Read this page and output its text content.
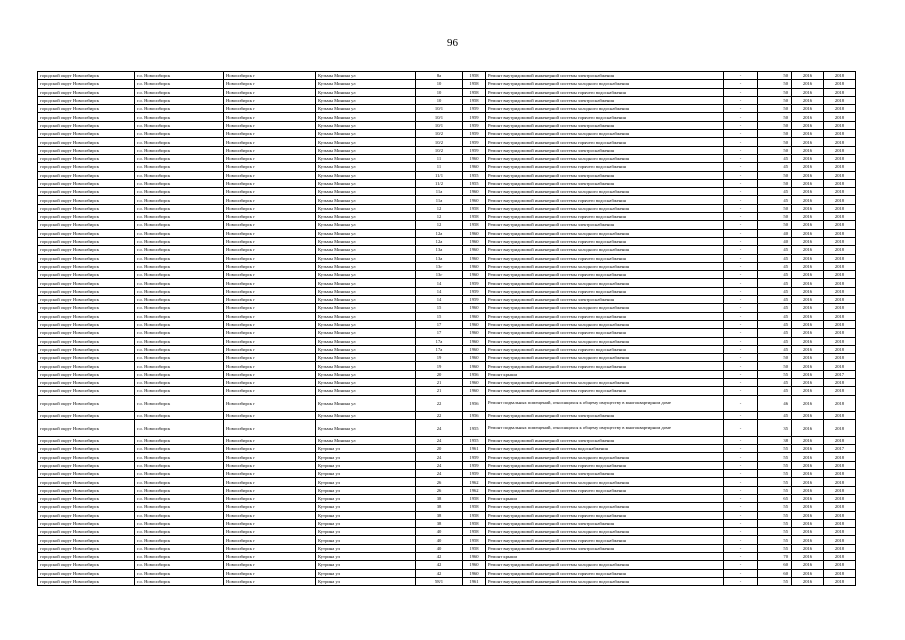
96
городской округ Новосибирск	г.о. Новосибирск	Новосибирск г	Кузьмы Минина ул	8а	1958	Ремонт внутридомовой инженерной системы электроснабжения	-	50	2016	2018
городской округ Новосибирск	г.о. Новосибирск	Новосибирск г	Кузьмы Минина ул	10	1958	Ремонт внутридомовой инженерной системы холодного водоснабжения	-	50	2016	2018
городской округ Новосибирск	г.о. Новосибирск	Новосибирск г	Кузьмы Минина ул	10	1958	Ремонт внутридомовой инженерной системы горячего водоснабжения	-	50	2016	2018
городской округ Новосибирск	г.о. Новосибирск	Новосибирск г	Кузьмы Минина ул	10	1958	Ремонт внутридомовой инженерной системы электроснабжения	-	50	2016	2018
городской округ Новосибирск	г.о. Новосибирск	Новосибирск г	Кузьмы Минина ул	10/1	1959	Ремонт внутридомовой инженерной системы холодного водоснабжения	-	50	2016	2018
городской округ Новосибирск	г.о. Новосибирск	Новосибирск г	Кузьмы Минина ул	10/1	1959	Ремонт внутридомовой инженерной системы горячего водоснабжения	-	50	2016	2018
городской округ Новосибирск	г.о. Новосибирск	Новосибирск г	Кузьмы Минина ул	10/1	1959	Ремонт внутридомовой инженерной системы электроснабжения	-	50	2016	2018
городской округ Новосибирск	г.о. Новосибирск	Новосибирск г	Кузьмы Минина ул	10/2	1959	Ремонт внутридомовой инженерной системы холодного водоснабжения	-	50	2016	2018
городской округ Новосибирск	г.о. Новосибирск	Новосибирск г	Кузьмы Минина ул	10/2	1959	Ремонт внутридомовой инженерной системы горячего водоснабжения	-	50	2016	2018
городской округ Новосибирск	г.о. Новосибирск	Новосибирск г	Кузьмы Минина ул	10/2	1959	Ремонт внутридомовой инженерной системы электроснабжения	-	50	2016	2018
городской округ Новосибирск	г.о. Новосибирск	Новосибирск г	Кузьмы Минина ул	11	1960	Ремонт внутридомовой инженерной системы холодного водоснабжения	-	45	2016	2018
городской округ Новосибирск	г.о. Новосибирск	Новосибирск г	Кузьмы Минина ул	11	1960	Ремонт внутридомовой инженерной системы горячего водоснабжения	-	45	2016	2018
городской округ Новосибирск	г.о. Новосибирск	Новосибирск г	Кузьмы Минина ул	11/1	1955	Ремонт внутридомовой инженерной системы электроснабжения	-	50	2016	2018
городской округ Новосибирск	г.о. Новосибирск	Новосибирск г	Кузьмы Минина ул	11/2	1955	Ремонт внутридомовой инженерной системы электроснабжения	-	50	2016	2018
городской округ Новосибирск	г.о. Новосибирск	Новосибирск г	Кузьмы Минина ул	11а	1960	Ремонт внутридомовой инженерной системы холодного водоснабжения	-	45	2016	2018
городской округ Новосибирск	г.о. Новосибирск	Новосибирск г	Кузьмы Минина ул	11а	1960	Ремонт внутридомовой инженерной системы горячего водоснабжения	-	45	2016	2018
городской округ Новосибирск	г.о. Новосибирск	Новосибирск г	Кузьмы Минина ул	12	1958	Ремонт внутридомовой инженерной системы холодного водоснабжения	-	50	2016	2018
городской округ Новосибирск	г.о. Новосибирск	Новосибирск г	Кузьмы Минина ул	12	1958	Ремонт внутридомовой инженерной системы горячего водоснабжения	-	50	2016	2018
городской округ Новосибирск	г.о. Новосибирск	Новосибирск г	Кузьмы Минина ул	12	1958	Ремонт внутридомовой инженерной системы электроснабжения	-	50	2016	2018
городской округ Новосибирск	г.о. Новосибирск	Новосибирск г	Кузьмы Минина ул	12а	1960	Ремонт внутридомовой инженерной системы холодного водоснабжения	-	40	2016	2018
городской округ Новосибирск	г.о. Новосибирск	Новосибирск г	Кузьмы Минина ул	12а	1960	Ремонт внутридомовой инженерной системы горячего водоснабжения	-	40	2016	2018
городской округ Новосибирск	г.о. Новосибирск	Новосибирск г	Кузьмы Минина ул	13а	1960	Ремонт внутридомовой инженерной системы холодного водоснабжения	-	45	2016	2018
городской округ Новосибирск	г.о. Новосибирск	Новосибирск г	Кузьмы Минина ул	13а	1960	Ремонт внутридомовой инженерной системы горячего водоснабжения	-	45	2016	2018
городской округ Новосибирск	г.о. Новосибирск	Новосибирск г	Кузьмы Минина ул	13г	1960	Ремонт внутридомовой инженерной системы холодного водоснабжения	-	45	2016	2018
городской округ Новосибирск	г.о. Новосибирск	Новосибирск г	Кузьмы Минина ул	13г	1960	Ремонт внутридомовой инженерной системы горячего водоснабжения	-	45	2016	2018
городской округ Новосибирск	г.о. Новосибирск	Новосибирск г	Кузьмы Минина ул	14	1959	Ремонт внутридомовой инженерной системы холодного водоснабжения	-	45	2016	2018
городской округ Новосибирск	г.о. Новосибирск	Новосибирск г	Кузьмы Минина ул	14	1959	Ремонт внутридомовой инженерной системы горячего водоснабжения	-	45	2016	2018
городской округ Новосибирск	г.о. Новосибирск	Новосибирск г	Кузьмы Минина ул	14	1959	Ремонт внутридомовой инженерной системы электроснабжения	-	45	2016	2018
городской округ Новосибирск	г.о. Новосибирск	Новосибирск г	Кузьмы Минина ул	15	1960	Ремонт внутридомовой инженерной системы холодного водоснабжения	-	45	2016	2018
городской округ Новосибирск	г.о. Новосибирск	Новосибирск г	Кузьмы Минина ул	15	1960	Ремонт внутридомовой инженерной системы горячего водоснабжения	-	45	2016	2018
городской округ Новосибирск	г.о. Новосибирск	Новосибирск г	Кузьмы Минина ул	17	1960	Ремонт внутридомовой инженерной системы холодного водоснабжения	-	45	2016	2018
городской округ Новосибирск	г.о. Новосибирск	Новосибирск г	Кузьмы Минина ул	17	1960	Ремонт внутридомовой инженерной системы горячего водоснабжения	-	45	2016	2018
городской округ Новосибирск	г.о. Новосибирск	Новосибирск г	Кузьмы Минина ул	17а	1960	Ремонт внутридомовой инженерной системы холодного водоснабжения	-	45	2016	2018
городской округ Новосибирск	г.о. Новосибирск	Новосибирск г	Кузьмы Минина ул	17а	1960	Ремонт внутридомовой инженерной системы горячего водоснабжения	-	45	2016	2018
городской округ Новосибирск	г.о. Новосибирск	Новосибирск г	Кузьмы Минина ул	19	1960	Ремонт внутридомовой инженерной системы холодного водоснабжения	-	50	2016	2018
городской округ Новосибирск	г.о. Новосибирск	Новосибирск г	Кузьмы Минина ул	19	1960	Ремонт внутридомовой инженерной системы горячего водоснабжения	-	50	2016	2018
городской округ Новосибирск	г.о. Новосибирск	Новосибирск г	Кузьмы Минина ул	20	1956	Ремонт крыши	-	55	2016	2017
городской округ Новосибирск	г.о. Новосибирск	Новосибирск г	Кузьмы Минина ул	21	1960	Ремонт внутридомовой инженерной системы холодного водоснабжения	-	45	2016	2018
городской округ Новосибирск	г.о. Новосибирск	Новосибирск г	Кузьмы Минина ул	21	1960	Ремонт внутридомовой инженерной системы горячего водоснабжения	-	45	2016	2018
городской округ Новосибирск	г.о. Новосибирск	Новосибирск г	Кузьмы Минина ул	22	1956	Ремонт подвальных помещений, относящихся к общему имуществу в многоквартирном доме	-	46	2016	2018
городской округ Новосибирск	г.о. Новосибирск	Новосибирск г	Кузьмы Минина ул	22	1956	Ремонт внутридомовой инженерной системы электроснабжения	-	45	2016	2018
городской округ Новосибирск	г.о. Новосибирск	Новосибирск г	Кузьмы Минина ул	24	1955	Ремонт подвальных помещений, относящихся к общему имуществу в многоквартирном доме	-	35	2016	2018
городской округ Новосибирск	г.о. Новосибирск	Новосибирск г	Кузьмы Минина ул	24	1955	Ремонт внутридомовой инженерной системы электроснабжения	-	38	2016	2018
городской округ Новосибирск	г.о. Новосибирск	Новосибирск г	Кутрина ул	20	1961	Ремонт внутридомовой инженерной системы водоснабжения	-	55	2016	2017
городской округ Новосибирск	г.о. Новосибирск	Новосибирск г	Кутрина ул	24	1959	Ремонт внутридомовой инженерной системы холодного водоснабжения	-	55	2016	2018
городской округ Новосибирск	г.о. Новосибирск	Новосибирск г	Кутрина ул	24	1959	Ремонт внутридомовой инженерной системы горячего водоснабжения	-	55	2016	2018
городской округ Новосибирск	г.о. Новосибирск	Новосибирск г	Кутрина ул	24	1959	Ремонт внутридомовой инженерной системы электроснабжения	-	55	2016	2018
городской округ Новосибирск	г.о. Новосибирск	Новосибирск г	Кутрина ул	26	1962	Ремонт внутридомовой инженерной системы холодного водоснабжения	-	55	2016	2018
городской округ Новосибирск	г.о. Новосибирск	Новосибирск г	Кутрина ул	26	1962	Ремонт внутридомовой инженерной системы горячего водоснабжения	-	55	2016	2018
городской округ Новосибирск	г.о. Новосибирск	Новосибирск г	Кутрина ул	38	1958	Ремонт крыши	-	65	2016	2018
городской округ Новосибирск	г.о. Новосибирск	Новосибирск г	Кутрина ул	38	1958	Ремонт внутридомовой инженерной системы холодного водоснабжения	-	55	2016	2018
городской округ Новосибирск	г.о. Новосибирск	Новосибирск г	Кутрина ул	38	1958	Ремонт внутридомовой инженерной системы горячего водоснабжения	-	55	2016	2018
городской округ Новосибирск	г.о. Новосибирск	Новосибирск г	Кутрина ул	38	1958	Ремонт внутридомовой инженерной системы электроснабжения	-	55	2016	2018
городской округ Новосибирск	г.о. Новосибирск	Новосибирск г	Кутрина ул	40	1958	Ремонт внутридомовой инженерной системы холодного водоснабжения	-	55	2016	2018
городской округ Новосибирск	г.о. Новосибирск	Новосибирск г	Кутрина ул	40	1958	Ремонт внутридомовой инженерной системы горячего водоснабжения	-	55	2016	2018
городской округ Новосибирск	г.о. Новосибирск	Новосибирск г	Кутрина ул	40	1958	Ремонт внутридомовой инженерной системы электроснабжения	-	55	2016	2018
городской округ Новосибирск	г.о. Новосибирск	Новосибирск г	Кутрина ул	42	1960	Ремонт крыши	-	70	2016	2018
городской округ Новосибирск	г.о. Новосибирск	Новосибирск г	Кутрина ул	42	1960	Ремонт внутридомовой инженерной системы холодного водоснабжения	-	60	2016	2018
городской округ Новосибирск	г.о. Новосибирск	Новосибирск г	Кутрина ул	42	1960	Ремонт внутридомовой инженерной системы горячего водоснабжения	-	60	2016	2018
городской округ Новосибирск	г.о. Новосибирск	Новосибирск г	Кутрина ул	58/1	1961	Ремонт внутридомовой инженерной системы холодного водоснабжения	-	55	2016	2018
